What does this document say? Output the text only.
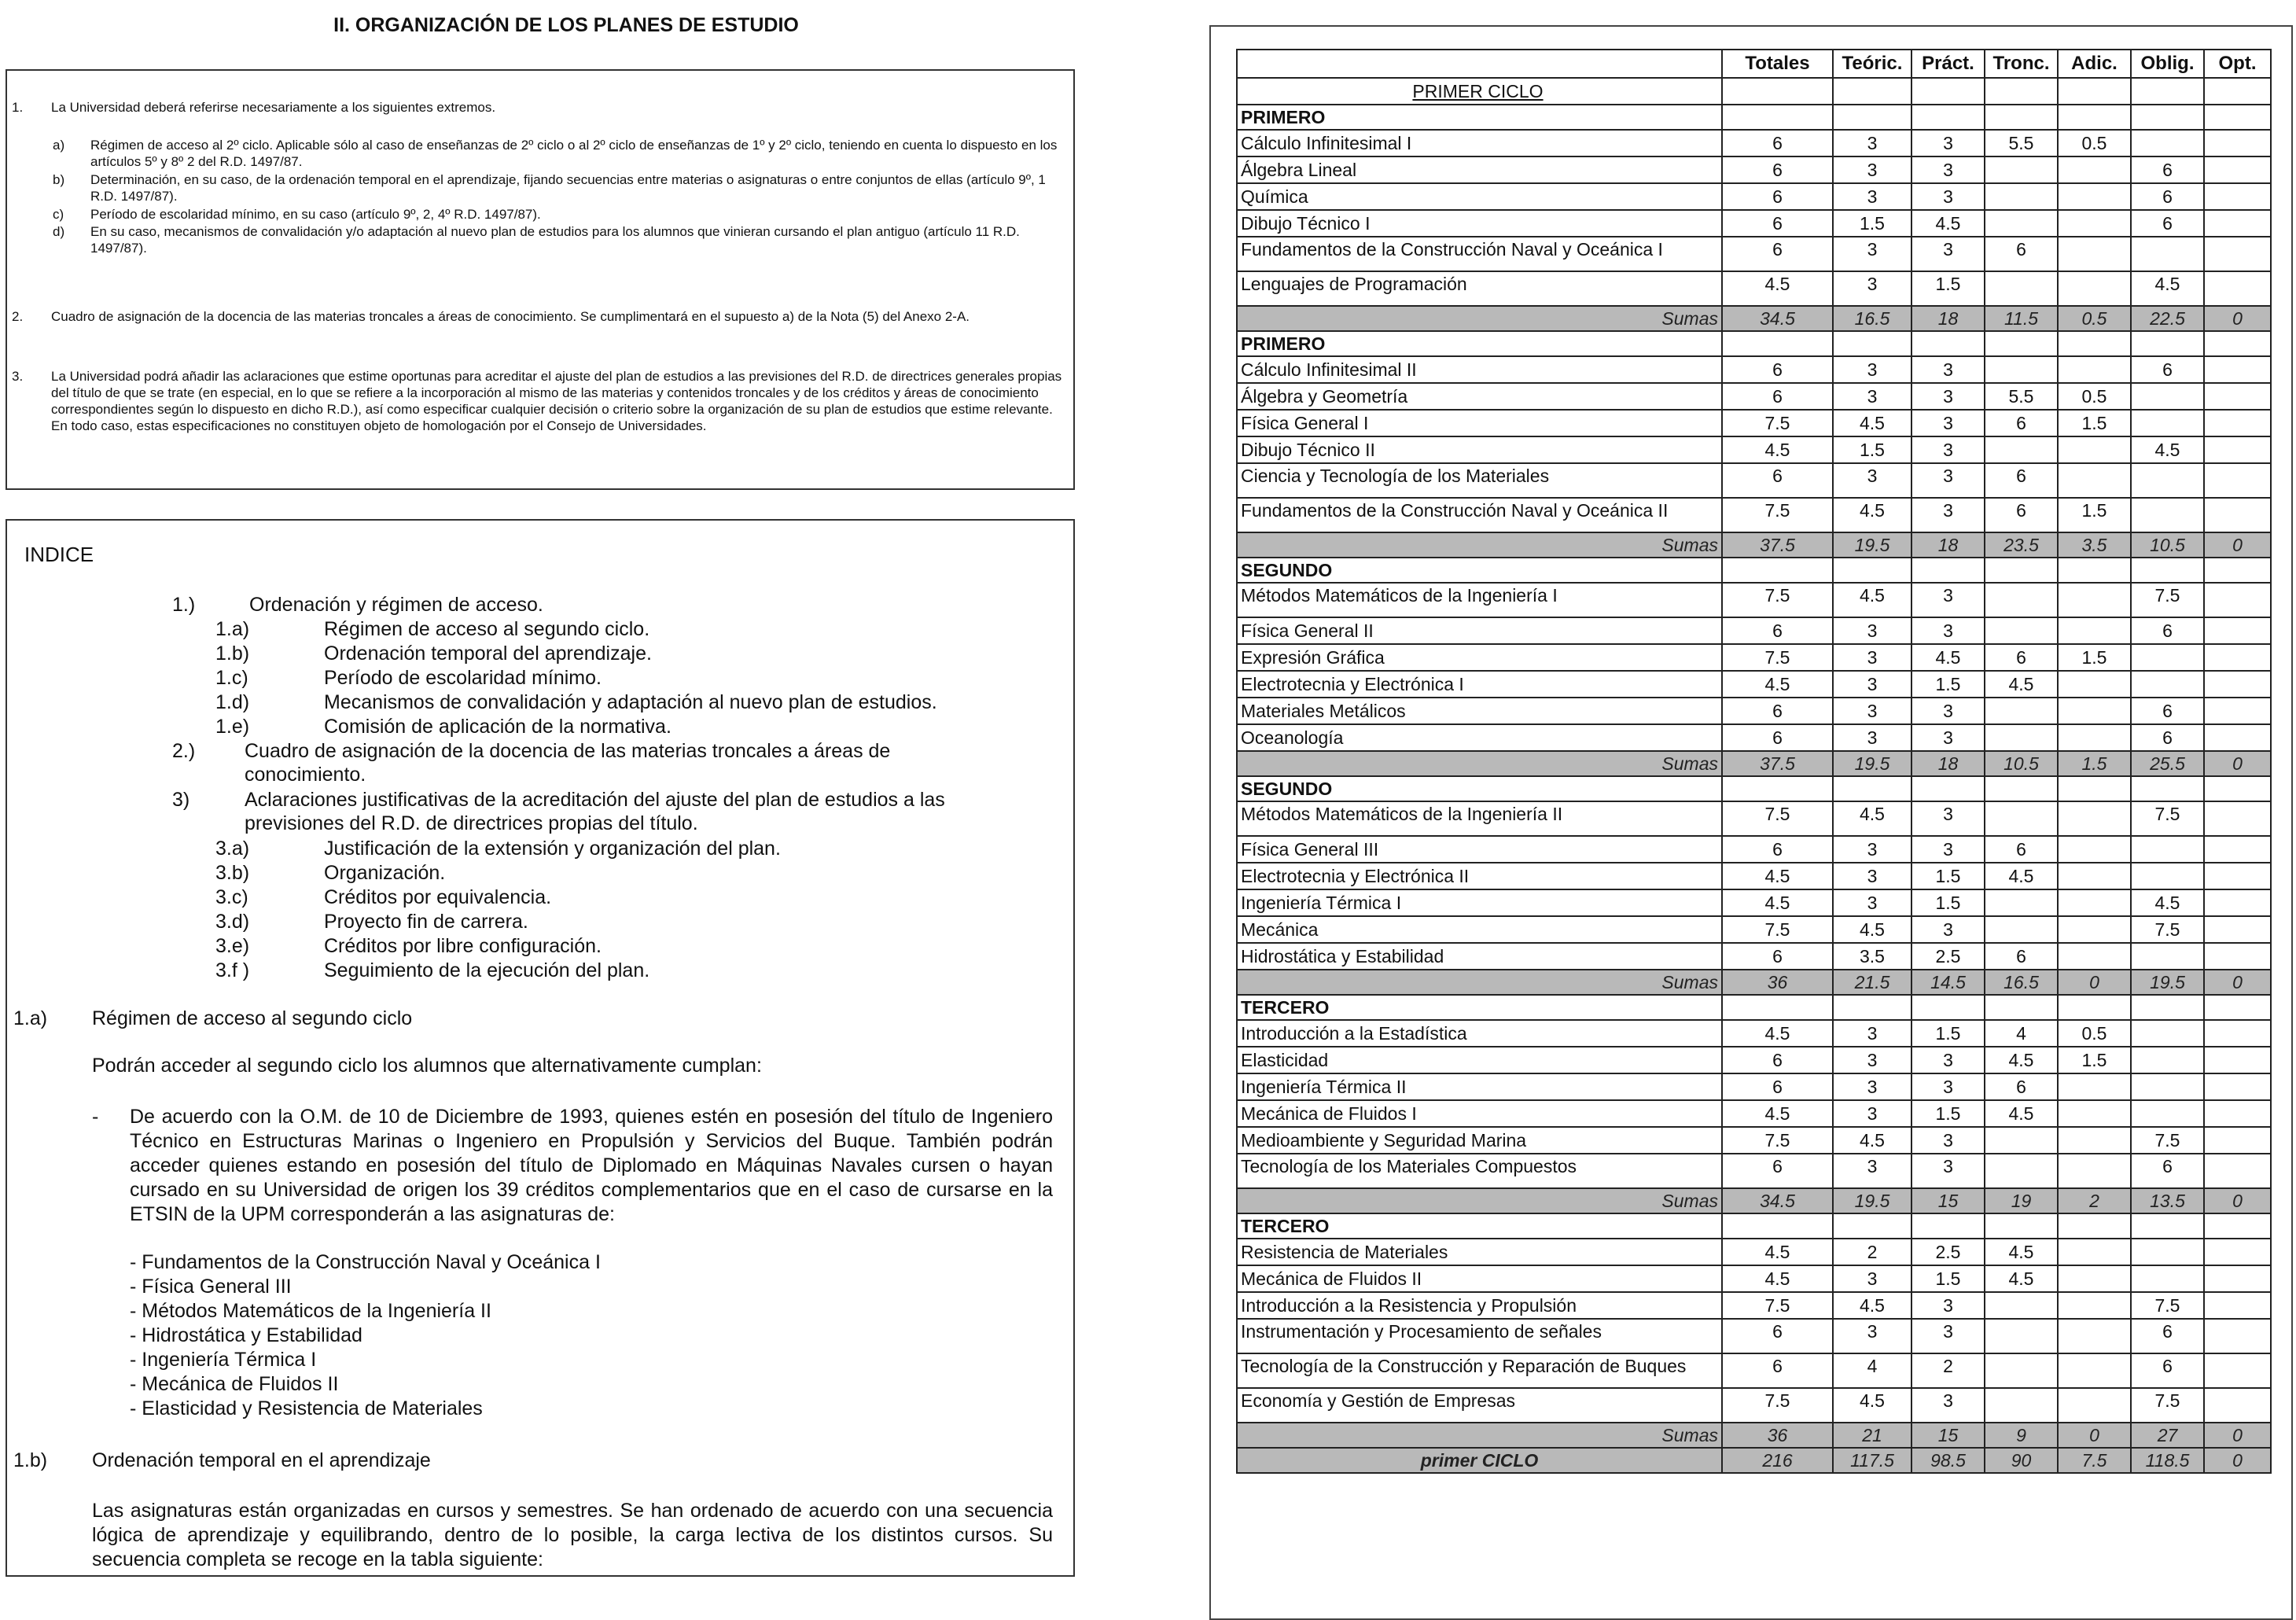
II. ORGANIZACIÓN DE LOS PLANES DE ESTUDIO
1. La Universidad deberá referirse necesariamente a los siguientes extremos.
a) Régimen de acceso al 2º ciclo. Aplicable sólo al caso de enseñanzas de 2º ciclo o al 2º ciclo de enseñanzas de 1º y 2º ciclo, teniendo en cuenta lo dispuesto en los artículos 5º y 8º 2 del R.D. 1497/87.
b) Determinación, en su caso, de la ordenación temporal en el aprendizaje, fijando secuencias entre materias o asignaturas o entre conjuntos de ellas (artículo 9º, 1 R.D. 1497/87).
c) Período de escolaridad mínimo, en su caso (artículo 9º, 2, 4º R.D. 1497/87).
d) En su caso, mecanismos de convalidación y/o adaptación al nuevo plan de estudios para los alumnos que vinieran cursando el plan antiguo (artículo 11 R.D. 1497/87).
2. Cuadro de asignación de la docencia de las materias troncales a áreas de conocimiento. Se cumplimentará en el supuesto a) de la Nota (5) del Anexo 2-A.
3. La Universidad podrá añadir las aclaraciones que estime oportunas para acreditar el ajuste del plan de estudios a las previsiones del R.D. de directrices generales propias del título de que se trate (en especial, en lo que se refiere a la incorporación al mismo de las materias y contenidos troncales y de los créditos y áreas de conocimiento correspondientes según lo dispuesto en dicho R.D.), así como especificar cualquier decisión o criterio sobre la organización de su plan de estudios que estime relevante. En todo caso, estas especificaciones no constituyen objeto de homologación por el Consejo de Universidades.
INDICE
1.)	Ordenación y régimen de acceso.
1.a)	Régimen de acceso al segundo ciclo.
1.b)	Ordenación temporal del aprendizaje.
1.c)	Período de escolaridad mínimo.
1.d)	Mecanismos de convalidación y adaptación al nuevo plan de estudios.
1.e)	Comisión de aplicación de la normativa.
2.)	Cuadro de asignación de la docencia de las materias troncales a áreas de conocimiento.
3)	Aclaraciones justificativas de la acreditación del ajuste del plan de estudios a las previsiones del R.D. de directrices propias del título.
3.a)	Justificación de la extensión y organización del plan.
3.b)	Organización.
3.c)	Créditos por equivalencia.
3.d)	Proyecto fin de carrera.
3.e)	Créditos por libre configuración.
3.f )	Seguimiento de la ejecución del plan.
1.a) Régimen de acceso al segundo ciclo
Podrán acceder al segundo ciclo los alumnos que alternativamente cumplan:
- De acuerdo con la O.M. de 10 de Diciembre de 1993, quienes estén en posesión del título de Ingeniero Técnico en Estructuras Marinas o Ingeniero en Propulsión y Servicios del Buque. También podrán acceder quienes estando en posesión del título de Diplomado en Máquinas Navales cursen o hayan cursado en su Universidad de origen los 39 créditos complementarios que en el caso de cursarse en la ETSIN de la UPM corresponderán a las asignaturas de:
- Fundamentos de la Construcción Naval y Oceánica I
- Física General III
- Métodos Matemáticos de la Ingeniería II
- Hidrostática y Estabilidad
- Ingeniería Térmica I
- Mecánica de Fluidos II
- Elasticidad y Resistencia de Materiales
1.b) Ordenación temporal en el aprendizaje
Las asignaturas están organizadas en cursos y semestres. Se han ordenado de acuerdo con una secuencia lógica de aprendizaje y equilibrando, dentro de lo posible, la carga lectiva de los distintos cursos. Su secuencia completa se recoge en la tabla siguiente:
	Totales	Teóric.	Práct.	Tronc.	Adic.	Oblig.	Opt.
PRIMER CICLO							
PRIMERO							
Cálculo Infinitesimal I	6	3	3	5.5	0.5		
Álgebra Lineal	6	3	3			6	
Química	6	3	3			6	
Dibujo Técnico I	6	1.5	4.5			6	
Fundamentos de la Construcción Naval y Oceánica I	6	3	3	6			
Lenguajes de Programación	4.5	3	1.5			4.5	
Sumas	34.5	16.5	18	11.5	0.5	22.5	0
PRIMERO							
Cálculo Infinitesimal II	6	3	3			6	
Álgebra y Geometría	6	3	3	5.5	0.5		
Física General I	7.5	4.5	3	6	1.5		
Dibujo Técnico II	4.5	1.5	3			4.5	
Ciencia y Tecnología de los Materiales	6	3	3	6			
Fundamentos de la Construcción Naval y Oceánica II	7.5	4.5	3	6	1.5		
Sumas	37.5	19.5	18	23.5	3.5	10.5	0
SEGUNDO							
Métodos Matemáticos de la Ingeniería I	7.5	4.5	3			7.5	
Física General II	6	3	3			6	
Expresión Gráfica	7.5	3	4.5	6	1.5		
Electrotecnia y Electrónica I	4.5	3	1.5	4.5			
Materiales Metálicos	6	3	3			6	
Oceanología	6	3	3			6	
Sumas	37.5	19.5	18	10.5	1.5	25.5	0
SEGUNDO							
Métodos Matemáticos de la Ingeniería II	7.5	4.5	3			7.5	
Física General III	6	3	3	6			
Electrotecnia y Electrónica II	4.5	3	1.5	4.5			
Ingeniería Térmica I	4.5	3	1.5			4.5	
Mecánica	7.5	4.5	3			7.5	
Hidrostática y Estabilidad	6	3.5	2.5	6			
Sumas	36	21.5	14.5	16.5	0	19.5	0
TERCERO							
Introducción a la Estadística	4.5	3	1.5	4	0.5		
Elasticidad	6	3	3	4.5	1.5		
Ingeniería Térmica II	6	3	3	6			
Mecánica de Fluidos I	4.5	3	1.5	4.5			
Medioambiente y Seguridad Marina	7.5	4.5	3			7.5	
Tecnología de los Materiales Compuestos	6	3	3			6	
Sumas	34.5	19.5	15	19	2	13.5	0
TERCERO							
Resistencia de Materiales	4.5	2	2.5	4.5			
Mecánica de Fluidos II	4.5	3	1.5	4.5			
Introducción a la Resistencia y Propulsión	7.5	4.5	3			7.5	
Instrumentación y Procesamiento de señales	6	3	3			6	
Tecnología de la Construcción y Reparación de Buques	6	4	2			6	
Economía y Gestión de Empresas	7.5	4.5	3			7.5	
Sumas	36	21	15	9	0	27	0
primer CICLO	216	117.5	98.5	90	7.5	118.5	0
